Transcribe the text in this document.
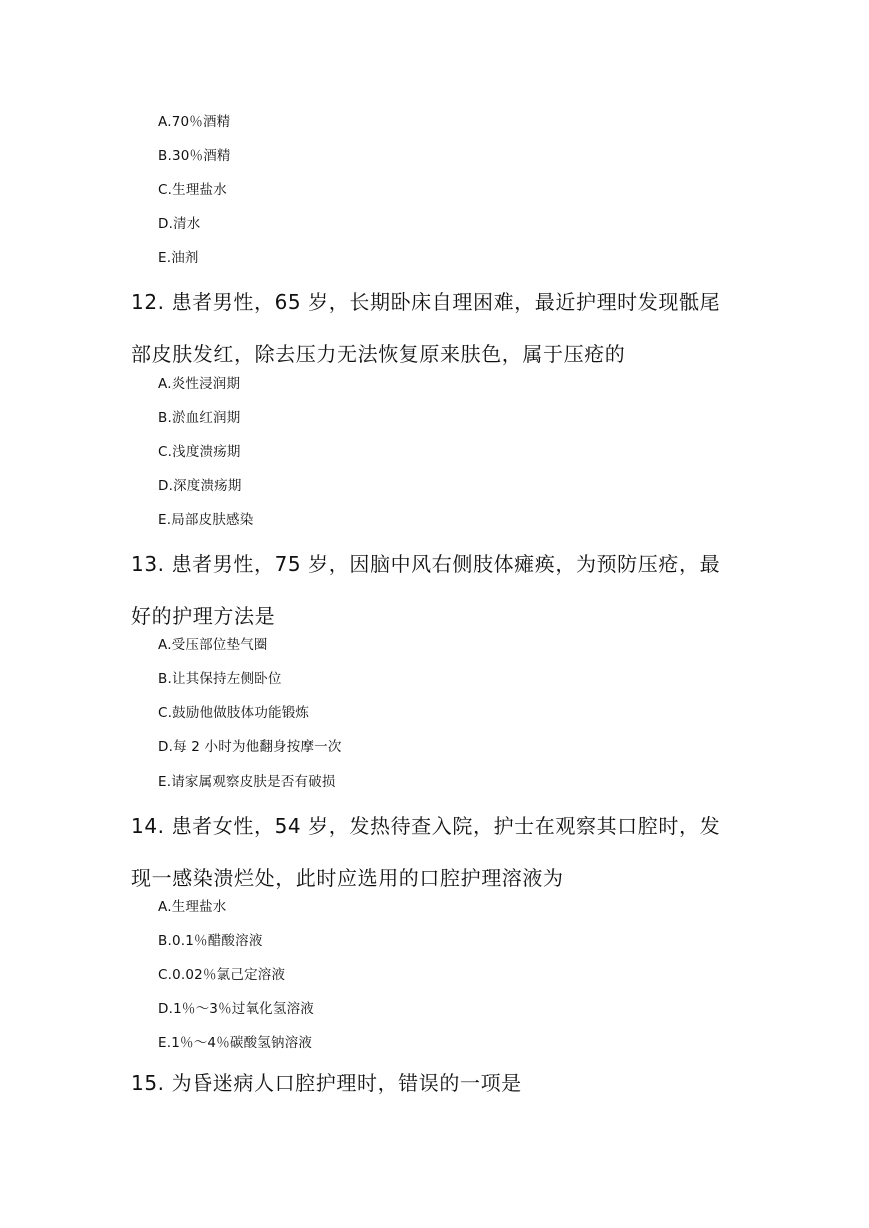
A.70％酒精
B.30％酒精
C.生理盐水
D.清水
E.油剂
12. 患者男性，65 岁，长期卧床自理困难，最近护理时发现骶尾部皮肤发红，除去压力无法恢复原来肤色，属于压疮的
A.炎性浸润期
B.淤血红润期
C.浅度溃疡期
D.深度溃疡期
E.局部皮肤感染
13. 患者男性，75 岁，因脑中风右侧肢体瘫痪，为预防压疮，最好的护理方法是
A.受压部位垫气圈
B.让其保持左侧卧位
C.鼓励他做肢体功能锻炼
D.每 2 小时为他翻身按摩一次
E.请家属观察皮肤是否有破损
14. 患者女性，54 岁，发热待查入院，护士在观察其口腔时，发现一感染溃烂处，此时应选用的口腔护理溶液为
A.生理盐水
B.0.1％醋酸溶液
C.0.02％氯己定溶液
D.1％～3％过氧化氢溶液
E.1％～4％碳酸氢钠溶液
15. 为昏迷病人口腔护理时，错误的一项是
